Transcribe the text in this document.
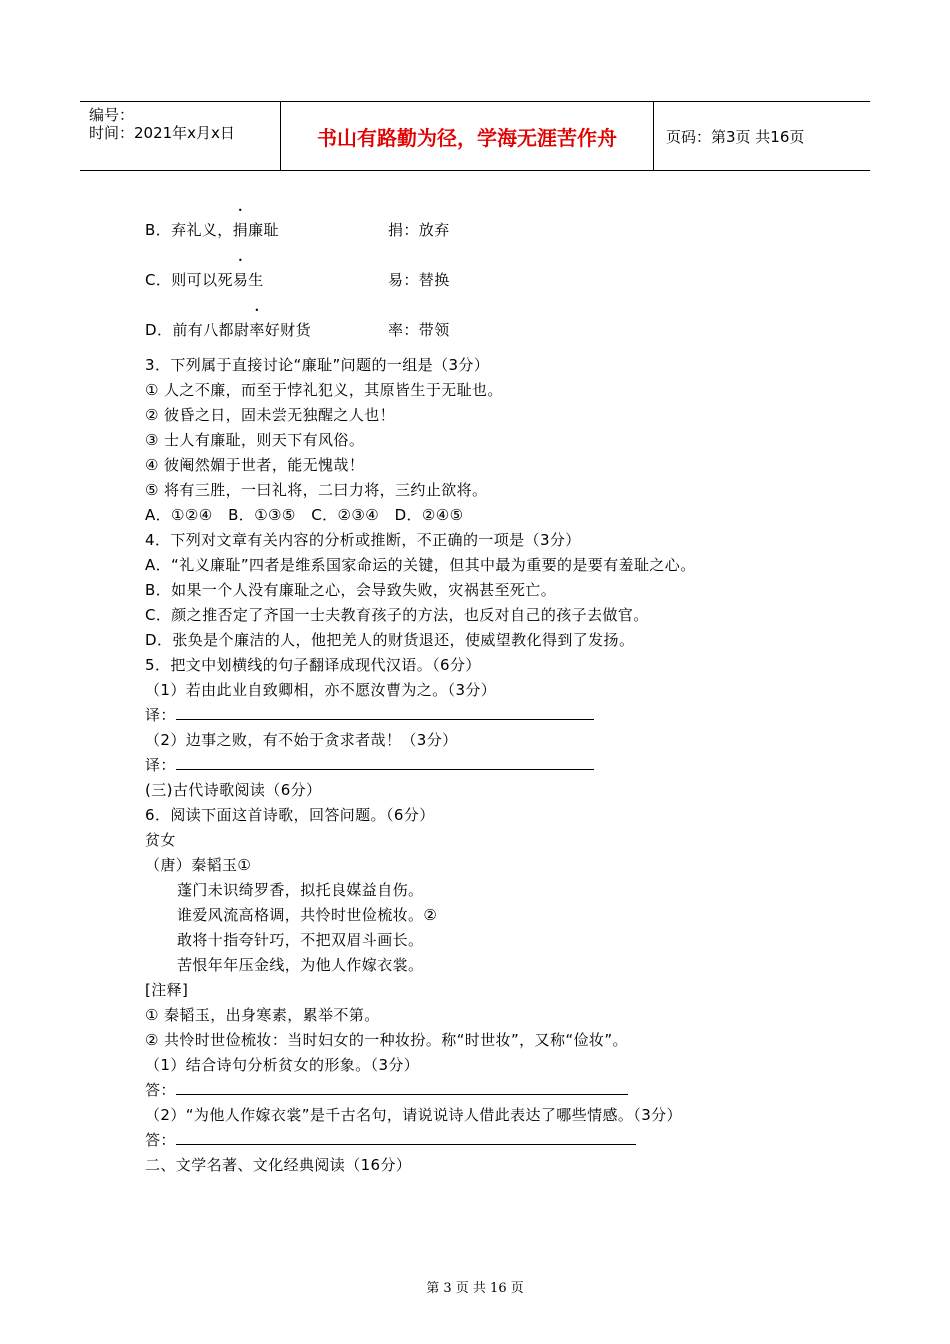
编号：
时间：2021年x月x日	书山有路勤为径，学海无涯苦作舟	页码：第3页 共16页
B．弃礼义，捐廉耻	捐：放弃
C．则可以死易生	易：替换
D．前有八都尉率好财货	率：带领
3．下列属于直接讨论“廉耻”问题的一组是（3分）
① 人之不廉，而至于悖礼犯义，其原皆生于无耻也。
② 彼昏之日，固未尝无独醒之人也！
③ 士人有廉耻，则天下有风俗。
④ 彼阉然媚于世者，能无愧哉！
⑤ 将有三胜，一曰礼将，二曰力将，三约止欲将。
A．①②④   B．①③⑤   C．②③④   D．②④⑤
4．下列对文章有关内容的分析或推断，不正确的一项是（3分）
A．“礼义廉耻”四者是维系国家命运的关键，但其中最为重要的是要有羞耻之心。
B．如果一个人没有廉耻之心，会导致失败，灾祸甚至死亡。
C．颜之推否定了齐国一士夫教育孩子的方法，也反对自己的孩子去做官。
D．张奂是个廉洁的人，他把羌人的财货退还，使威望教化得到了发扬。
5．把文中划横线的句子翻译成现代汉语。（6分）
（1）若由此业自致卿相，亦不愿汝曹为之。（3分）
译：
（2）边事之败，有不始于贪求者哉！（3分）
译：
(三)古代诗歌阅读（6分）
6．阅读下面这首诗歌，回答问题。（6分）
贫女
（唐）秦韬玉①
蓬门未识绮罗香，拟托良媒益自伤。
谁爱风流高格调，共怜时世俭梳妆。②
敢将十指夸针巧，不把双眉斗画长。
苦恨年年压金线，为他人作嫁衣裳。
[注释]
① 秦韬玉，出身寒素，累举不第。
② 共怜时世俭梳妆：当时妇女的一种妆扮。称“时世妆”，又称“俭妆”。
（1）结合诗句分析贫女的形象。（3分）
答：
（2）“为他人作嫁衣裳”是千古名句，请说说诗人借此表达了哪些情感。（3分）
答：
二、文学名著、文化经典阅读（16分）
第 3 页 共 16 页
